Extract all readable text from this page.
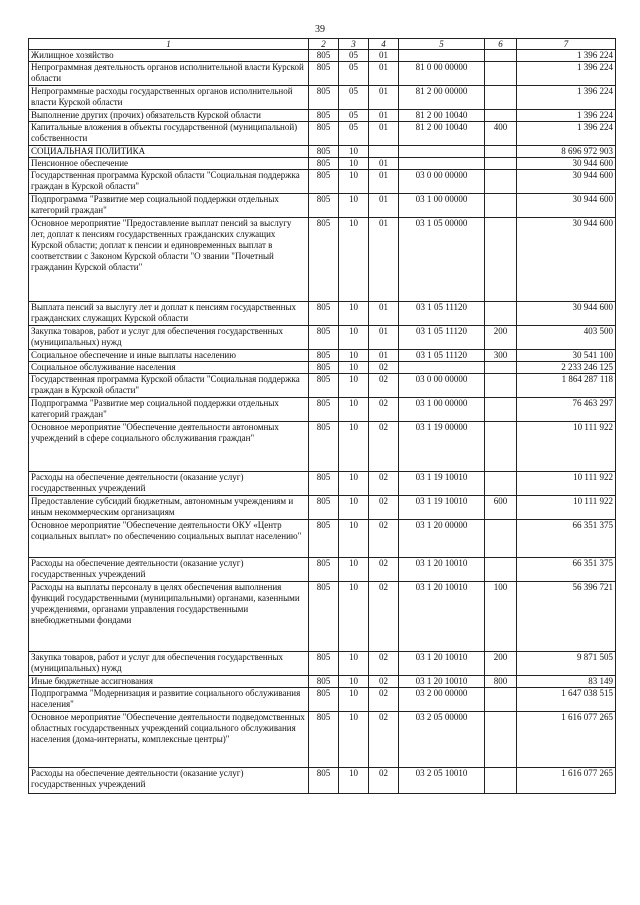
39
1	2	3	4	5	6	7
Жилищное хозяйство	805	05	01			1 396 224
Непрограммная деятельность органов исполнительной власти Курской области	805	05	01	81 0 00 00000		1 396 224
Непрограммные расходы государственных органов исполнительной власти Курской области	805	05	01	81 2 00 00000		1 396 224
Выполнение других (прочих) обязательств Курской области	805	05	01	81 2 00 10040		1 396 224
Капитальные вложения в объекты государственной (муниципальной) собственности	805	05	01	81 2 00 10040	400	1 396 224
СОЦИАЛЬНАЯ ПОЛИТИКА	805	10				8 696 972 903
Пенсионное обеспечение	805	10	01			30 944 600
Государственная программа Курской области "Социальная поддержка граждан в Курской области"	805	10	01	03 0 00 00000		30 944 600
Подпрограмма "Развитие мер социальной поддержки отдельных категорий граждан"	805	10	01	03 1 00 00000		30 944 600
Основное мероприятие "Предоставление выплат пенсий за выслугу лет, доплат к пенсиям государственных гражданских служащих Курской области; доплат к пенсии и единовременных выплат в соответствии с Законом Курской области "О звании "Почетный гражданин Курской области"	805	10	01	03 1 05 00000		30 944 600
Выплата пенсий за выслугу лет и доплат к пенсиям государственных гражданских служащих Курской области	805	10	01	03 1 05 11120		30 944 600
Закупка товаров, работ и услуг для обеспечения государственных (муниципальных) нужд	805	10	01	03 1 05 11120	200	403 500
Социальное обеспечение и иные выплаты населению	805	10	01	03 1 05 11120	300	30 541 100
Социальное обслуживание населения	805	10	02			2 233 246 125
Государственная программа Курской области "Социальная поддержка граждан в Курской области"	805	10	02	03 0 00 00000		1 864 287 118
Подпрограмма "Развитие мер социальной поддержки отдельных категорий граждан"	805	10	02	03 1 00 00000		76 463 297
Основное мероприятие "Обеспечение деятельности автономных учреждений в сфере социального обслуживания граждан"	805	10	02	03 1 19 00000		10 111 922
Расходы на обеспечение деятельности (оказание услуг) государственных учреждений	805	10	02	03 1 19 10010		10 111 922
Предоставление субсидий бюджетным, автономным учреждениям и иным некоммерческим организациям	805	10	02	03 1 19 10010	600	10 111 922
Основное мероприятие "Обеспечение деятельности ОКУ «Центр социальных выплат» по обеспечению социальных выплат населению"	805	10	02	03 1 20 00000		66 351 375
Расходы на обеспечение деятельности (оказание услуг) государственных учреждений	805	10	02	03 1 20 10010		66 351 375
Расходы на выплаты персоналу в целях обеспечения выполнения функций государственными (муниципальными) органами, казенными учреждениями, органами управления государственными внебюджетными фондами	805	10	02	03 1 20 10010	100	56 396 721
Закупка товаров, работ и услуг для обеспечения государственных (муниципальных) нужд	805	10	02	03 1 20 10010	200	9 871 505
Иные бюджетные ассигнования	805	10	02	03 1 20 10010	800	83 149
Подпрограмма "Модернизация и развитие социального обслуживания населения"	805	10	02	03 2 00 00000		1 647 038 515
Основное мероприятие "Обеспечение деятельности подведомственных областных государственных учреждений социального обслуживания населения (дома-интернаты, комплексные центры)"	805	10	02	03 2 05 00000		1 616 077 265
Расходы на обеспечение деятельности (оказание услуг) государственных учреждений	805	10	02	03 2 05 10010		1 616 077 265
